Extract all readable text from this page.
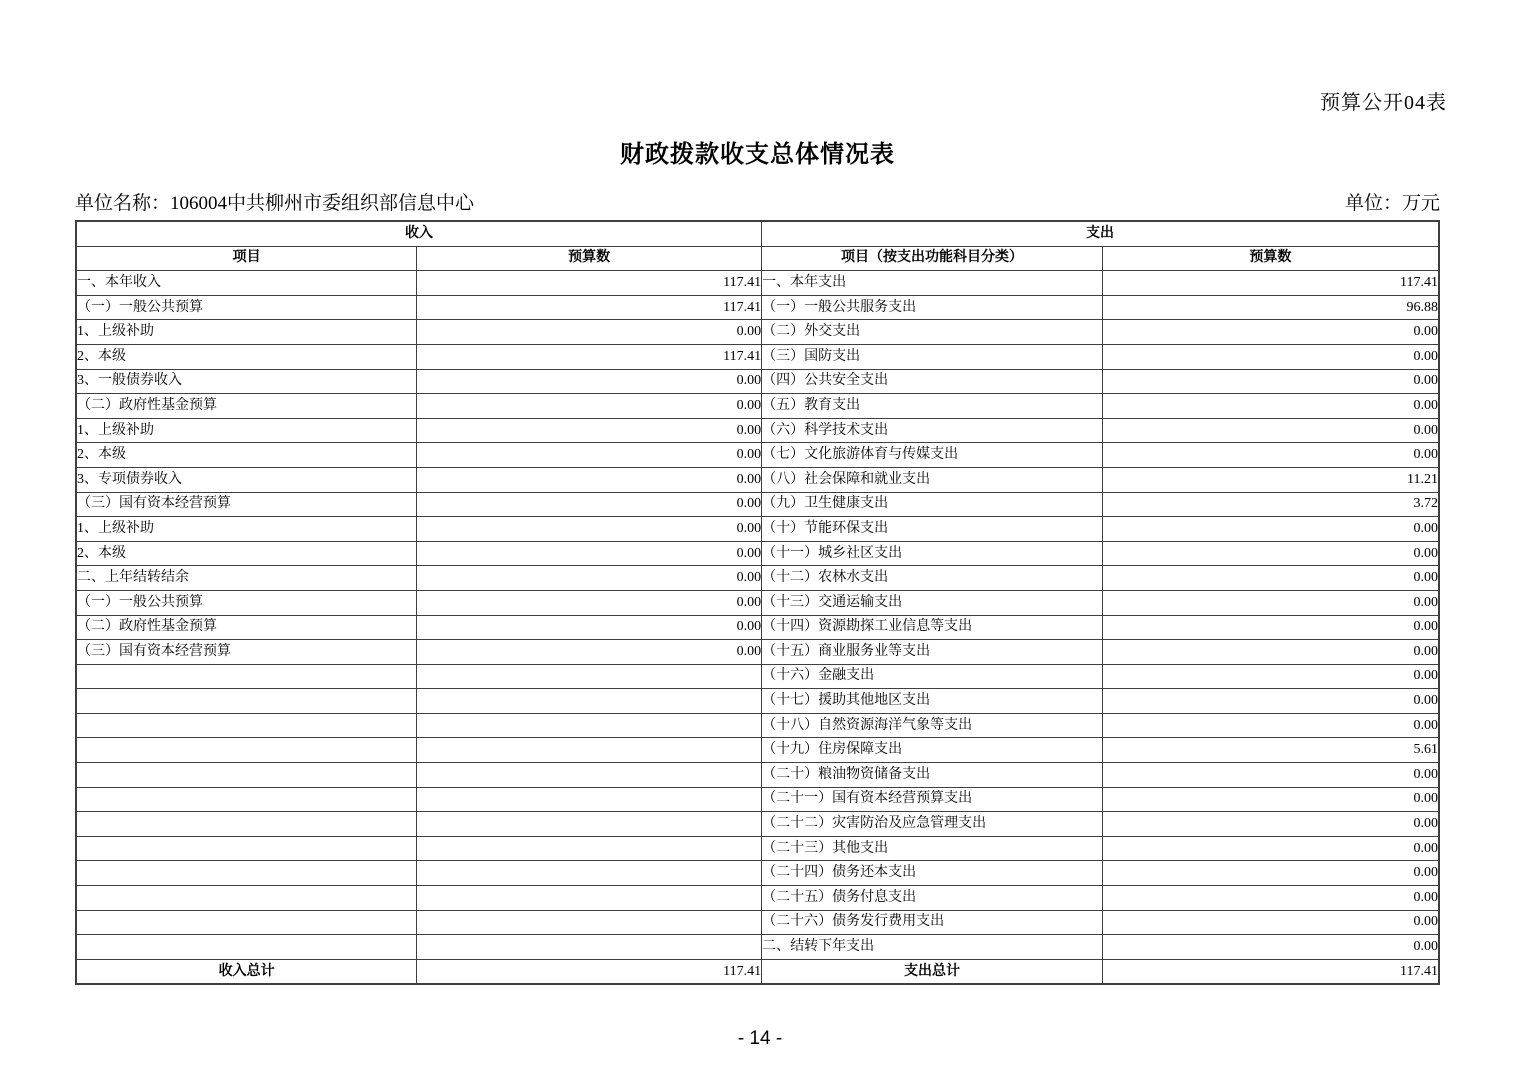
预算公开04表
财政拨款收支总体情况表
单位名称：106004中共柳州市委组织部信息中心	单位：万元
收入		支出	
项目	预算数	项目（按支出功能科目分类）	预算数
一、本年收入	117.41	一、本年支出	117.41
（一）一般公共预算	117.41	（一）一般公共服务支出	96.88
1、上级补助	0.00	（二）外交支出	0.00
2、本级	117.41	（三）国防支出	0.00
3、一般债券收入	0.00	（四）公共安全支出	0.00
（二）政府性基金预算	0.00	（五）教育支出	0.00
1、上级补助	0.00	（六）科学技术支出	0.00
2、本级	0.00	（七）文化旅游体育与传媒支出	0.00
3、专项债券收入	0.00	（八）社会保障和就业支出	11.21
（三）国有资本经营预算	0.00	（九）卫生健康支出	3.72
1、上级补助	0.00	（十）节能环保支出	0.00
2、本级	0.00	（十一）城乡社区支出	0.00
二、上年结转结余	0.00	（十二）农林水支出	0.00
（一）一般公共预算	0.00	（十三）交通运输支出	0.00
（二）政府性基金预算	0.00	（十四）资源勘探工业信息等支出	0.00
（三）国有资本经营预算	0.00	（十五）商业服务业等支出	0.00
		（十六）金融支出	0.00
		（十七）援助其他地区支出	0.00
		（十八）自然资源海洋气象等支出	0.00
		（十九）住房保障支出	5.61
		（二十）粮油物资储备支出	0.00
		（二十一）国有资本经营预算支出	0.00
		（二十二）灾害防治及应急管理支出	0.00
		（二十三）其他支出	0.00
		（二十四）债务还本支出	0.00
		（二十五）债务付息支出	0.00
		（二十六）债务发行费用支出	0.00
		二、结转下年支出	0.00
收入总计	117.41	支出总计	117.41
- 14 -
